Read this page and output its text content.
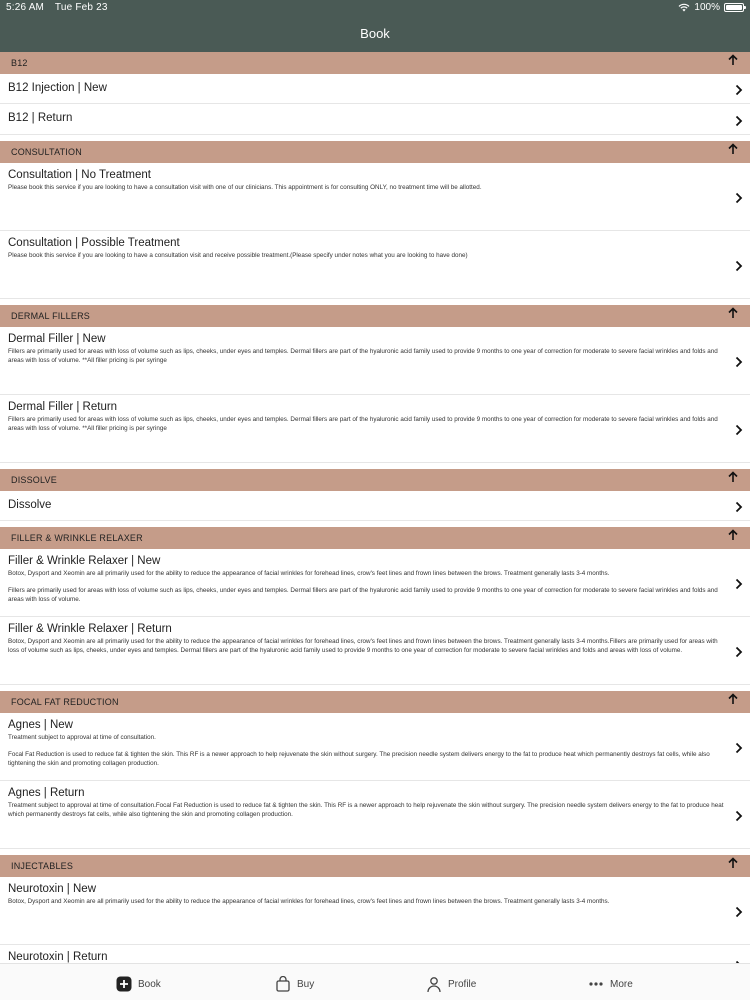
5:26 AM Tue Feb 23	100%
Book
B12
B12 Injection | New
B12 | Return
CONSULTATION
Consultation | No Treatment

Please book this service if you are looking to have a consultation visit with one of our clinicians. This appointment is for consulting ONLY, no treatment time will be allotted.

Consultation | Possible Treatment

Please book this service if you are looking to have a consultation visit and receive possible treatment.(Please specify under notes what you are looking to have done)

DERMAL FILLERS
Dermal Filler | New

Fillers are primarily used for areas with loss of volume such as lips, cheeks, under eyes and temples. Dermal fillers are part of the hyaluronic acid family used to provide 9 months to one year of correction for moderate to severe facial wrinkles and folds and areas with loss of volume. **All filler pricing is per syringe

Dermal Filler | Return

Fillers are primarily used for areas with loss of volume such as lips, cheeks, under eyes and temples. Dermal fillers are part of the hyaluronic acid family used to provide 9 months to one year of correction for moderate to severe facial wrinkles and folds and areas with loss of volume. **All filler pricing is per syringe

DISSOLVE
Dissolve
FILLER & WRINKLE RELAXER
Filler & Wrinkle Relaxer | New

Botox, Dysport and Xeomin are all primarily used for the ability to reduce the appearance of facial wrinkles for forehead lines, crow's feet lines and frown lines between the brows. Treatment generally lasts 3-4 months.

Fillers are primarily used for areas with loss of volume such as lips, cheeks, under eyes and temples. Dermal fillers are part of the hyaluronic acid family used to provide 9 months to one year of correction for moderate to severe facial wrinkles and folds and areas with loss of volume.

Filler & Wrinkle Relaxer | Return

Botox, Dysport and Xeomin are all primarily used for the ability to reduce the appearance of facial wrinkles for forehead lines, crow's feet lines and frown lines between the brows. Treatment generally lasts 3-4 months.Fillers are primarily used for areas with loss of volume such as lips, cheeks, under eyes and temples. Dermal fillers are part of the hyaluronic acid family used to provide 9 months to one year of correction for moderate to severe facial wrinkles and folds and areas with loss of volume.

FOCAL FAT REDUCTION
Agnes | New

Treatment subject to approval at time of consultation.

Focal Fat Reduction is used to reduce fat & tighten the skin. This RF is a newer approach to help rejuvenate the skin without surgery. The precision needle system delivers energy to the fat to produce heat which permanently destroys fat cells, while also tightening the skin and promoting collagen production.

Agnes | Return

Treatment subject to approval at time of consultation.Focal Fat Reduction is used to reduce fat & tighten the skin. This RF is a newer approach to help rejuvenate the skin without surgery. The precision needle system delivers energy to the fat to produce heat which permanently destroys fat cells, while also tightening the skin and promoting collagen production.

INJECTABLES
Neurotoxin | New

Botox, Dysport and Xeomin are all primarily used for the ability to reduce the appearance of facial wrinkles for forehead lines, crow's feet lines and frown lines between the brows. Treatment generally lasts 3-4 months.

Neurotoxin | Return
Book	Buy	Profile	More
